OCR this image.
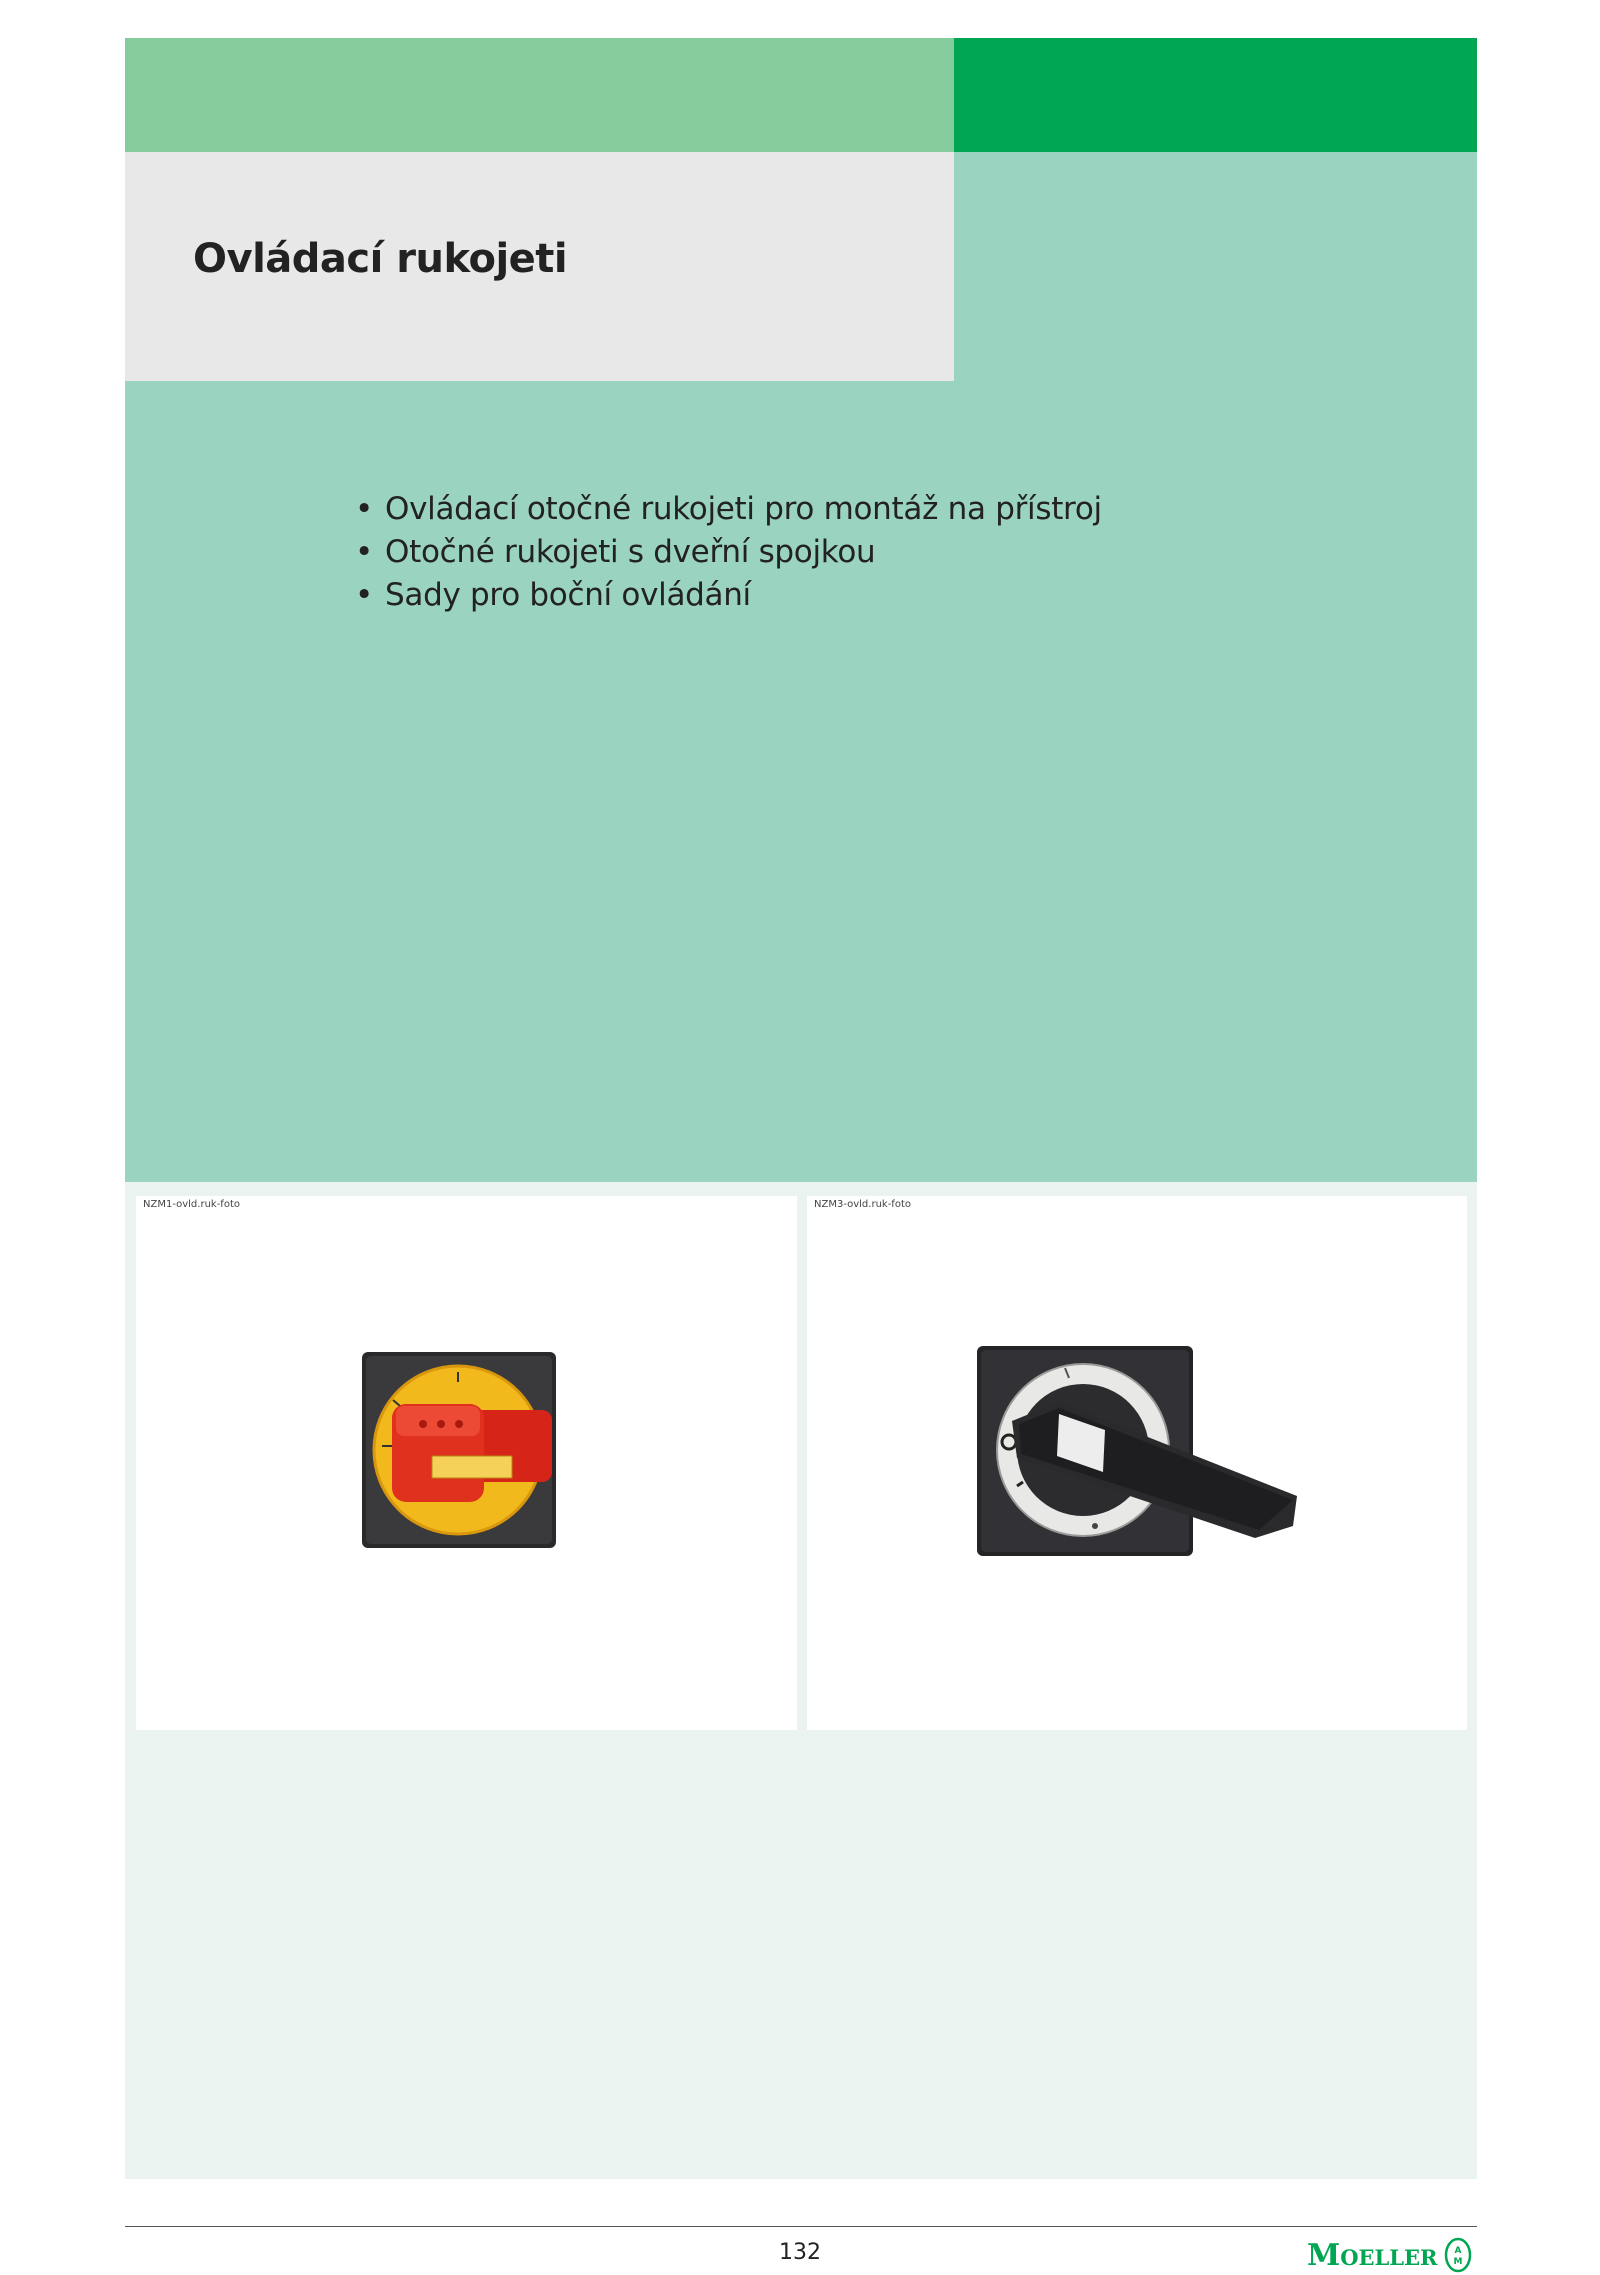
Ovládací rukojeti
• Ovládací otočné rukojeti pro montáž na přístroj
• Otočné rukojeti s dveřní spojkou
• Sady pro boční ovládání
NZM1-ovld.ruk-foto	NZM3-ovld.ruk-foto
132	Moeller A
M
